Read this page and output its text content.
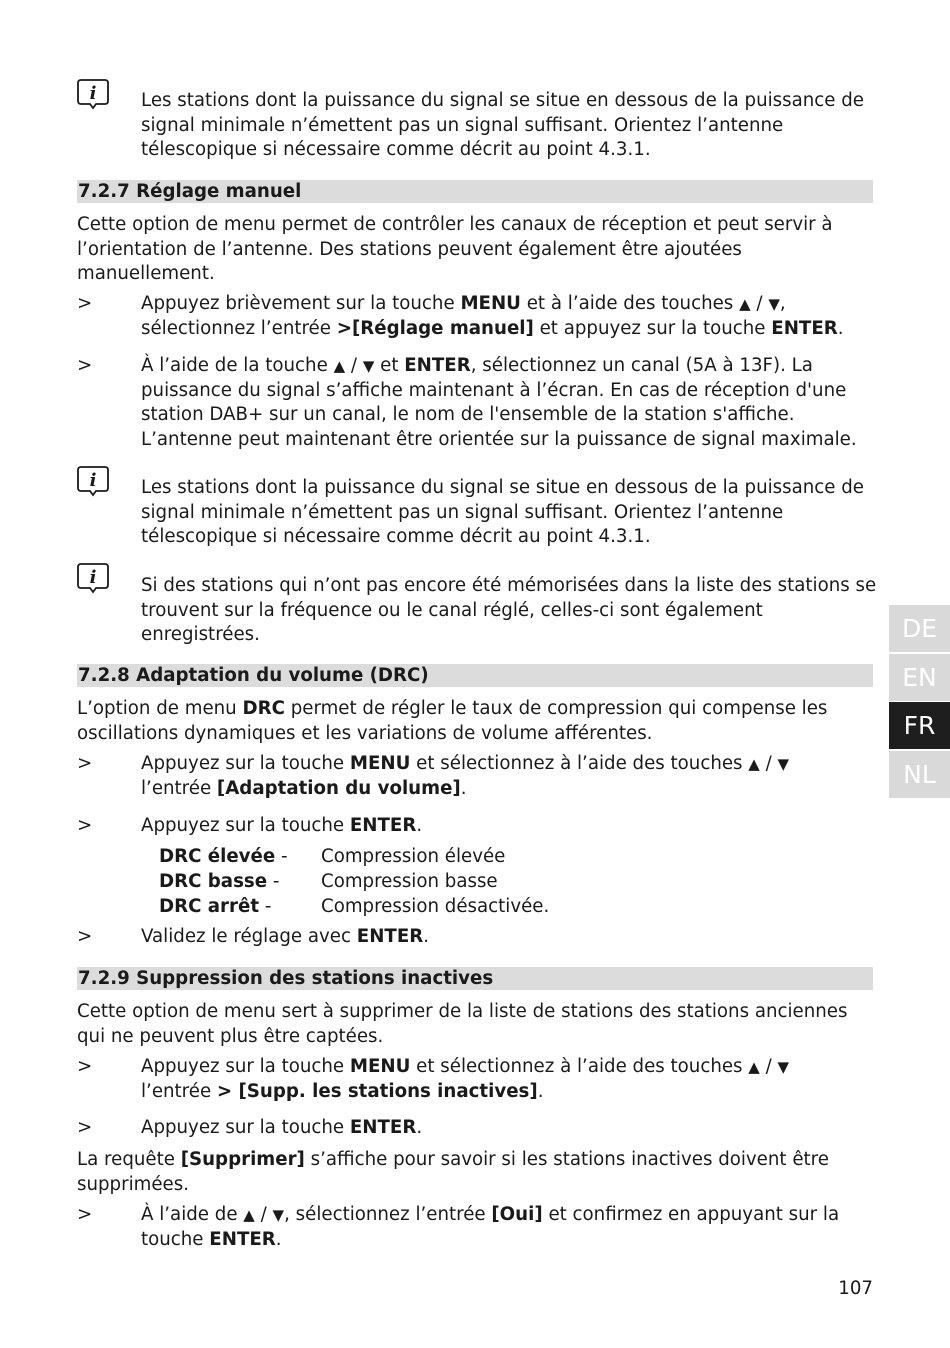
i Les stations dont la puissance du signal se situe en dessous de la puissance de signal minimale n’émettent pas un signal suffisant. Orientez l’antenne télescopique si nécessaire comme décrit au point 4.3.1.
7.2.7 Réglage manuel
Cette option de menu permet de contrôler les canaux de réception et peut servir à l’orientation de l’antenne. Des stations peuvent également être ajoutées manuellement.
>	Appuyez brièvement sur la touche MENU et à l’aide des touches ▲ / ▼, sélectionnez l’entrée >[Réglage manuel] et appuyez sur la touche ENTER.
>	À l’aide de la touche ▲ / ▼ et ENTER, sélectionnez un canal (5A à 13F). La puissance du signal s’affiche maintenant à l’écran. En cas de réception d'une station DAB+ sur un canal, le nom de l'ensemble de la station s'affiche. L’antenne peut maintenant être orientée sur la puissance de signal maximale.
i Les stations dont la puissance du signal se situe en dessous de la puissance de signal minimale n’émettent pas un signal suffisant. Orientez l’antenne télescopique si nécessaire comme décrit au point 4.3.1.
i Si des stations qui n’ont pas encore été mémorisées dans la liste des stations se trouvent sur la fréquence ou le canal réglé, celles-ci sont également enregistrées.
7.2.8 Adaptation du volume (DRC)
L’option de menu DRC permet de régler le taux de compression qui compense les oscillations dynamiques et les variations de volume afférentes.
>	Appuyez sur la touche MENU et sélectionnez à l’aide des touches ▲ / ▼
l’entrée [Adaptation du volume].
>	Appuyez sur la touche ENTER.
DRC élevée - Compression élevée
DRC basse - Compression basse
DRC arrêt -	Compression désactivée.
>	Validez le réglage avec ENTER.
7.2.9 Suppression des stations inactives
Cette option de menu sert à supprimer de la liste de stations des stations anciennes qui ne peuvent plus être captées.
>	Appuyez sur la touche MENU et sélectionnez à l’aide des touches ▲ / ▼
l’entrée > [Supp. les stations inactives].
>	Appuyez sur la touche ENTER.
La requête [Supprimer] s’affiche pour savoir si les stations inactives doivent être supprimées.
>	À l’aide de ▲ / ▼, sélectionnez l’entrée [Oui] et confirmez en appuyant sur la touche ENTER.
DE
EN
FR
NL
107
